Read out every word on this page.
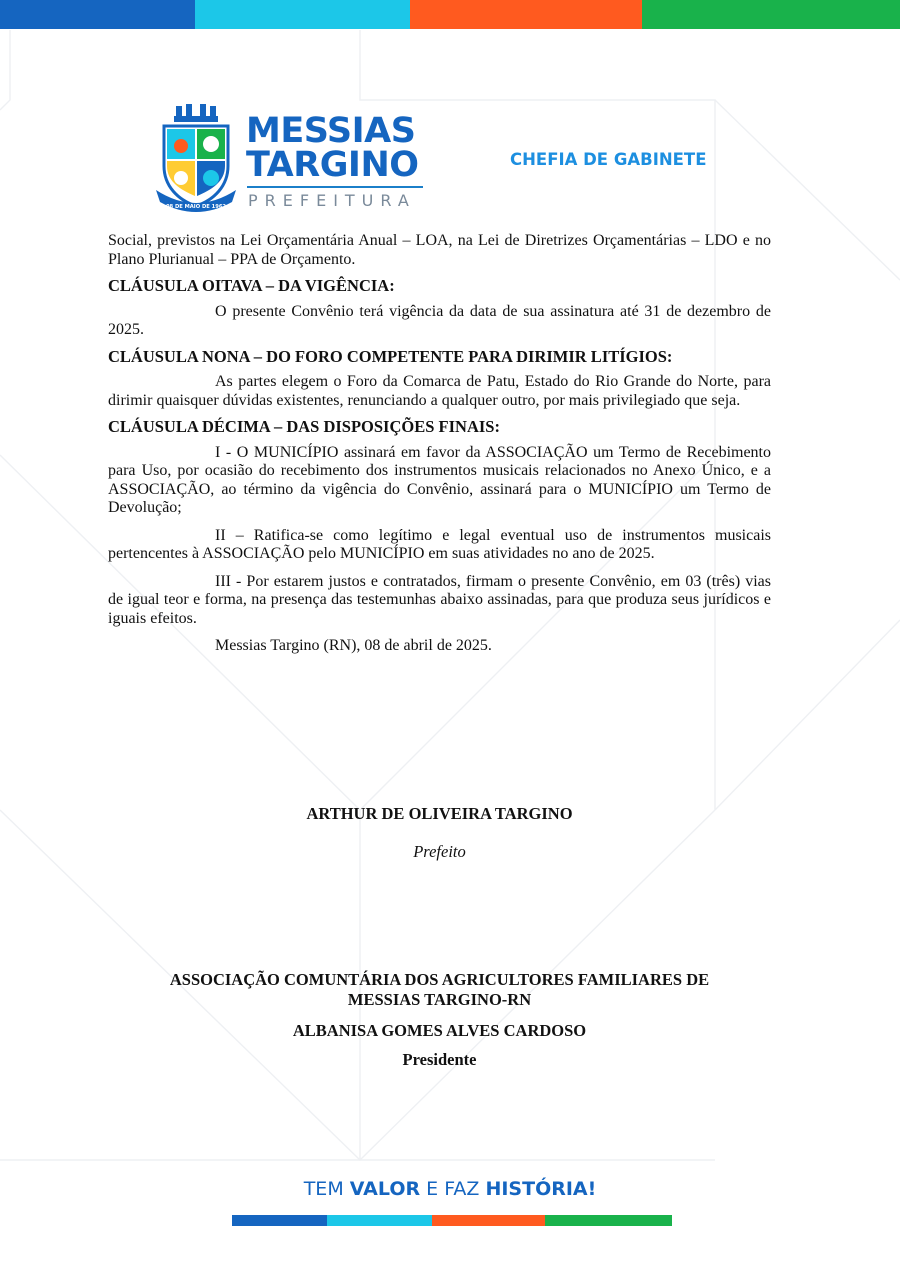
08 DE MAIO DE 1962
MESSIAS
TARGINO
PREFEITURA
CHEFIA DE GABINETE

Social, previstos na Lei Orçamentária Anual – LOA, na Lei de Diretrizes Orçamentárias – LDO e no Plano Plurianual – PPA de Orçamento.

CLÁUSULA OITAVA – DA VIGÊNCIA:

O presente Convênio terá vigência da data de sua assinatura até 31 de dezembro de 2025.

CLÁUSULA NONA – DO FORO COMPETENTE PARA DIRIMIR LITÍGIOS:

As partes elegem o Foro da Comarca de Patu, Estado do Rio Grande do Norte, para dirimir quaisquer dúvidas existentes, renunciando a qualquer outro, por mais privilegiado que seja.

CLÁUSULA DÉCIMA – DAS DISPOSIÇÕES FINAIS:

I - O MUNICÍPIO assinará em favor da ASSOCIAÇÃO um Termo de Recebimento para Uso, por ocasião do recebimento dos instrumentos musicais relacionados no Anexo Único, e a ASSOCIAÇÃO, ao término da vigência do Convênio, assinará para o MUNICÍPIO um Termo de Devolução;

II – Ratifica-se como legítimo e legal eventual uso de instrumentos musicais pertencentes à ASSOCIAÇÃO pelo MUNICÍPIO em suas atividades no ano de 2025.

III - Por estarem justos e contratados, firmam o presente Convênio, em 03 (três) vias de igual teor e forma, na presença das testemunhas abaixo assinadas, para que produza seus jurídicos e iguais efeitos.

Messias Targino (RN), 08 de abril de 2025.

ARTHUR DE OLIVEIRA TARGINO
Prefeito
ASSOCIAÇÃO COMUNTÁRIA DOS AGRICULTORES FAMILIARES DE
MESSIAS TARGINO-RN
ALBANISA GOMES ALVES CARDOSO
Presidente
TEM VALOR E FAZ HISTÓRIA!
